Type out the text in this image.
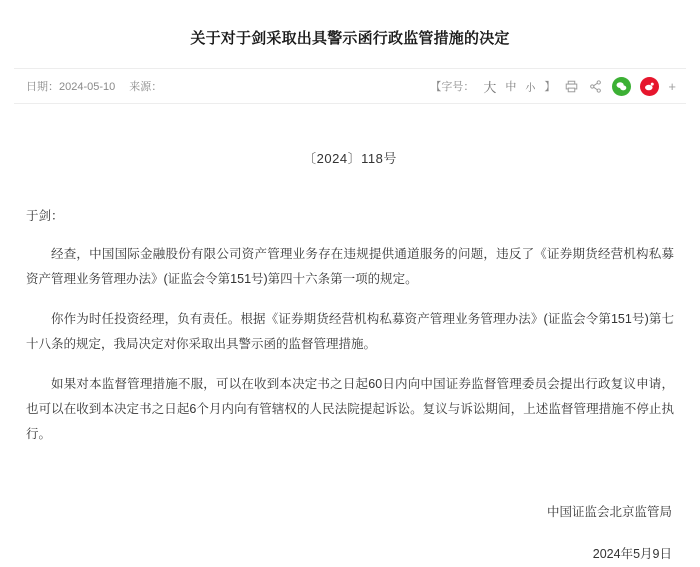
关于对于剑采取出具警示函行政监管措施的决定
日期：2024-05-10 来源：	【字号： 大 中 小 】	+
〔2024〕118号
于剑：

经查，中国国际金融股份有限公司资产管理业务存在违规提供通道服务的问题，违反了《证券期货经营机构私募资产管理业务管理办法》(证监会令第151号)第四十六条第一项的规定。

你作为时任投资经理，负有责任。根据《证券期货经营机构私募资产管理业务管理办法》(证监会令第151号)第七十八条的规定，我局决定对你采取出具警示函的监督管理措施。

如果对本监督管理措施不服，可以在收到本决定书之日起60日内向中国证券监督管理委员会提出行政复议申请，也可以在收到本决定书之日起6个月内向有管辖权的人民法院提起诉讼。复议与诉讼期间，上述监督管理措施不停止执行。

中国证监会北京监管局
2024年5月9日
